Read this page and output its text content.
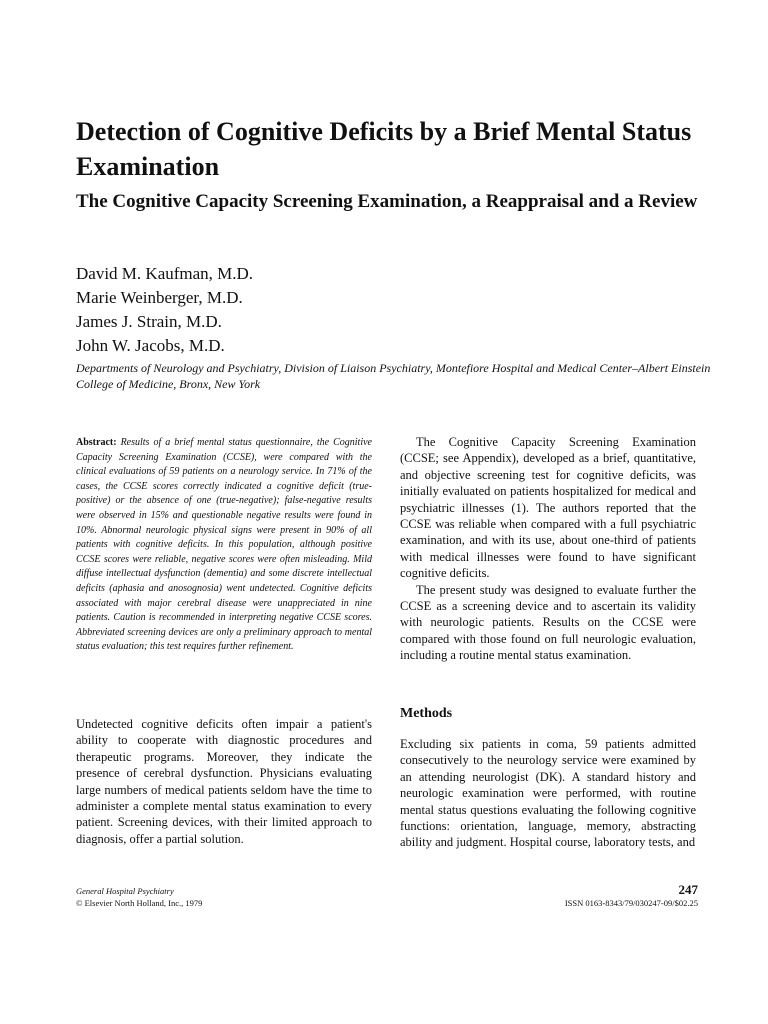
Detection of Cognitive Deficits by a Brief Mental Status Examination
The Cognitive Capacity Screening Examination, a Reappraisal and a Review
David M. Kaufman, M.D.
Marie Weinberger, M.D.
James J. Strain, M.D.
John W. Jacobs, M.D.
Departments of Neurology and Psychiatry, Division of Liaison Psychiatry, Montefiore Hospital and Medical Center–Albert Einstein College of Medicine, Bronx, New York

Abstract: Results of a brief mental status questionnaire, the Cognitive Capacity Screening Examination (CCSE), were compared with the clinical evaluations of 59 patients on a neurology service. In 71% of the cases, the CCSE scores correctly indicated a cognitive deficit (true-positive) or the absence of one (true-negative); false-negative results were observed in 15% and questionable negative results were found in 10%. Abnormal neurologic physical signs were present in 90% of all patients with cognitive deficits. In this population, although positive CCSE scores were reliable, negative scores were often misleading. Mild diffuse intellectual dysfunction (dementia) and some discrete intellectual deficits (aphasia and anosognosia) went undetected. Cognitive deficits associated with major cerebral disease were unappreciated in nine patients. Caution is recommended in interpreting negative CCSE scores. Abbreviated screening devices are only a preliminary approach to mental status evaluation; this test requires further refinement.

Undetected cognitive deficits often impair a patient's ability to cooperate with diagnostic procedures and therapeutic programs. Moreover, they indicate the presence of cerebral dysfunction. Physicians evaluating large numbers of medical patients seldom have the time to administer a complete mental status examination to every patient. Screening devices, with their limited approach to diagnosis, offer a partial solution.

The Cognitive Capacity Screening Examination (CCSE; see Appendix), developed as a brief, quantitative, and objective screening test for cognitive deficits, was initially evaluated on patients hospitalized for medical and psychiatric illnesses (1). The authors reported that the CCSE was reliable when compared with a full psychiatric examination, and with its use, about one-third of patients with medical illnesses were found to have significant cognitive deficits.

The present study was designed to evaluate further the CCSE as a screening device and to ascertain its validity with neurologic patients. Results on the CCSE were compared with those found on full neurologic evaluation, including a routine mental status examination.

Methods

Excluding six patients in coma, 59 patients admitted consecutively to the neurology service were examined by an attending neurologist (DK). A standard history and neurologic examination were performed, with routine mental status questions evaluating the following cognitive functions: orientation, language, memory, abstracting ability and judgment. Hospital course, laboratory tests, and

General Hospital Psychiatry
© Elsevier North Holland, Inc., 1979
247
ISSN 0163-8343/79/030247-09/$02.25
